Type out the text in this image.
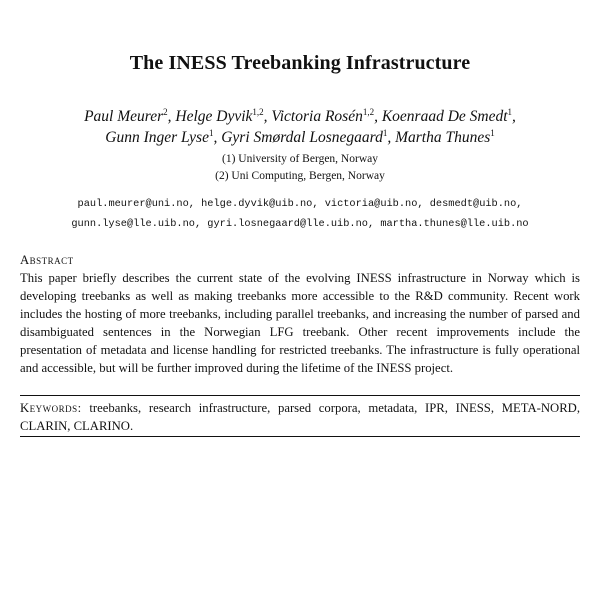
The INESS Treebanking Infrastructure
Paul Meurer$^2$, Helge Dyvik$^{1,2}$, Victoria Rosén$^{1,2}$, Koenraad De Smedt$^1$,
Gunn Inger Lyse$^1$, Gyri Smørdal Losnegaard$^1$, Martha Thunes$^1$
(1) University of Bergen, Norway
(2) Uni Computing, Bergen, Norway
paul.meurer@uni.no, helge.dyvik@uib.no, victoria@uib.no, desmedt@uib.no,
gunn.lyse@lle.uib.no, gyri.losnegaard@lle.uib.no, martha.thunes@lle.uib.no
Abstract
This paper briefly describes the current state of the evolving INESS infrastructure in Norway which is developing treebanks as well as making treebanks more accessible to the R&D community. Recent work includes the hosting of more treebanks, including parallel treebanks, and increasing the number of parsed and disambiguated sentences in the Norwegian LFG treebank. Other recent improvements include the presentation of metadata and license handling for restricted treebanks. The infrastructure is fully operational and accessible, but will be further improved during the lifetime of the INESS project.
Keywords: treebanks, research infrastructure, parsed corpora, metadata, IPR, INESS, META-NORD, CLARIN, CLARINO.
